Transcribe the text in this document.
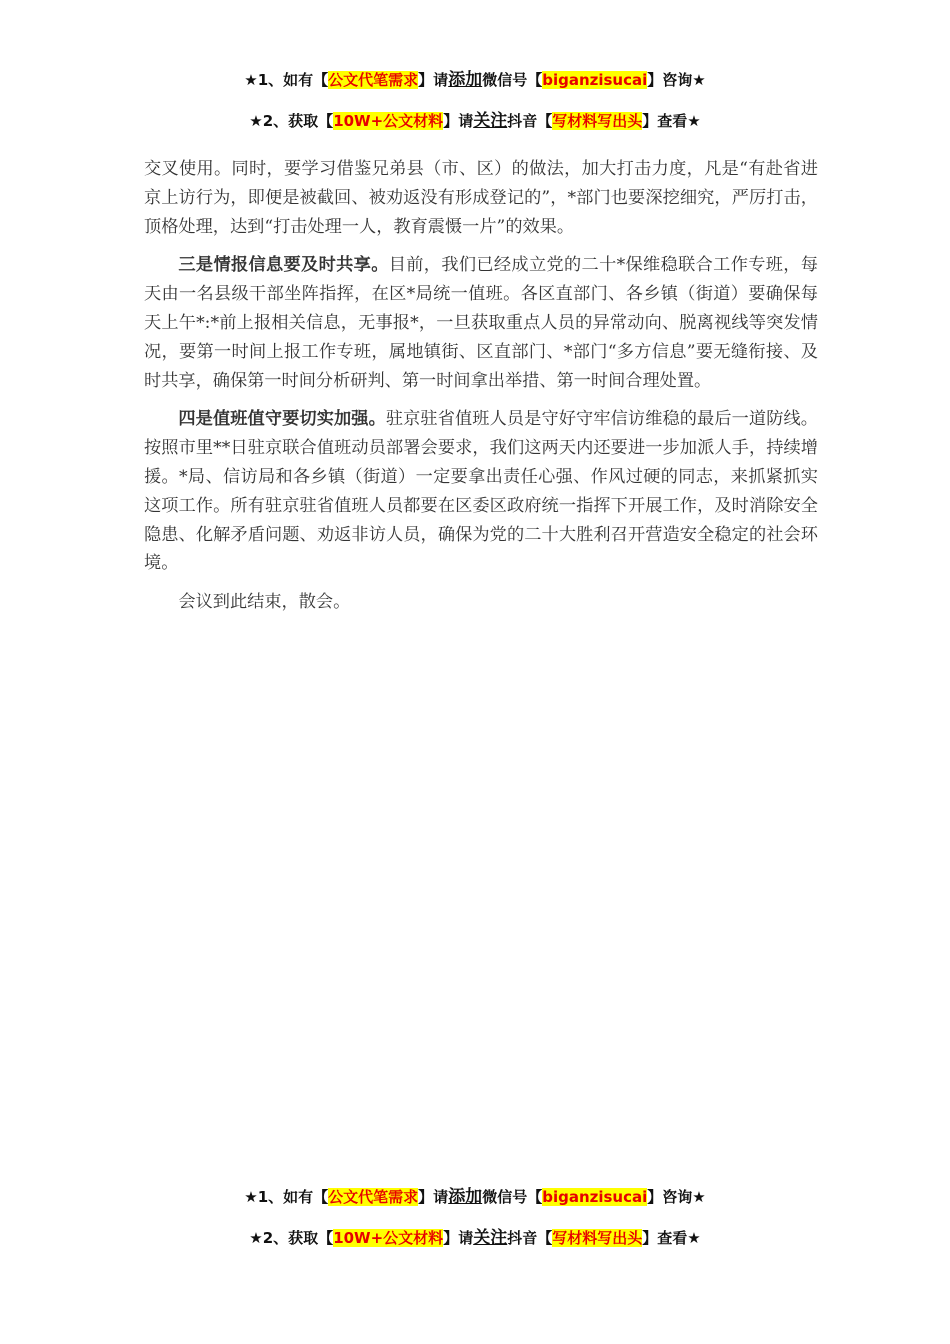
★1、如有【公文代笔需求】请添加微信号【biganzisucai】咨询★
★2、获取【10W+公文材料】请关注抖音【写材料写出头】查看★

交叉使用。同时，要学习借鉴兄弟县（市、区）的做法，加大打击力度，凡是“有赴省进京上访行为，即便是被截回、被劝返没有形成登记的”，*部门也要深挖细究，严厉打击，顶格处理，达到“打击处理一人，教育震慑一片”的效果。

三是情报信息要及时共享。目前，我们已经成立党的二十*保维稳联合工作专班，每天由一名县级干部坐阵指挥，在区*局统一值班。各区直部门、各乡镇（街道）要确保每天上午*:*前上报相关信息，无事报*，一旦获取重点人员的异常动向、脱离视线等突发情况，要第一时间上报工作专班，属地镇街、区直部门、*部门“多方信息”要无缝衔接、及时共享，确保第一时间分析研判、第一时间拿出举措、第一时间合理处置。

四是值班值守要切实加强。驻京驻省值班人员是守好守牢信访维稳的最后一道防线。按照市里**日驻京联合值班动员部署会要求，我们这两天内还要进一步加派人手，持续增援。*局、信访局和各乡镇（街道）一定要拿出责任心强、作风过硬的同志，来抓紧抓实这项工作。所有驻京驻省值班人员都要在区委区政府统一指挥下开展工作，及时消除安全隐患、化解矛盾问题、劝返非访人员，确保为党的二十大胜利召开营造安全稳定的社会环境。

会议到此结束，散会。

★1、如有【公文代笔需求】请添加微信号【biganzisucai】咨询★
★2、获取【10W+公文材料】请关注抖音【写材料写出头】查看★
